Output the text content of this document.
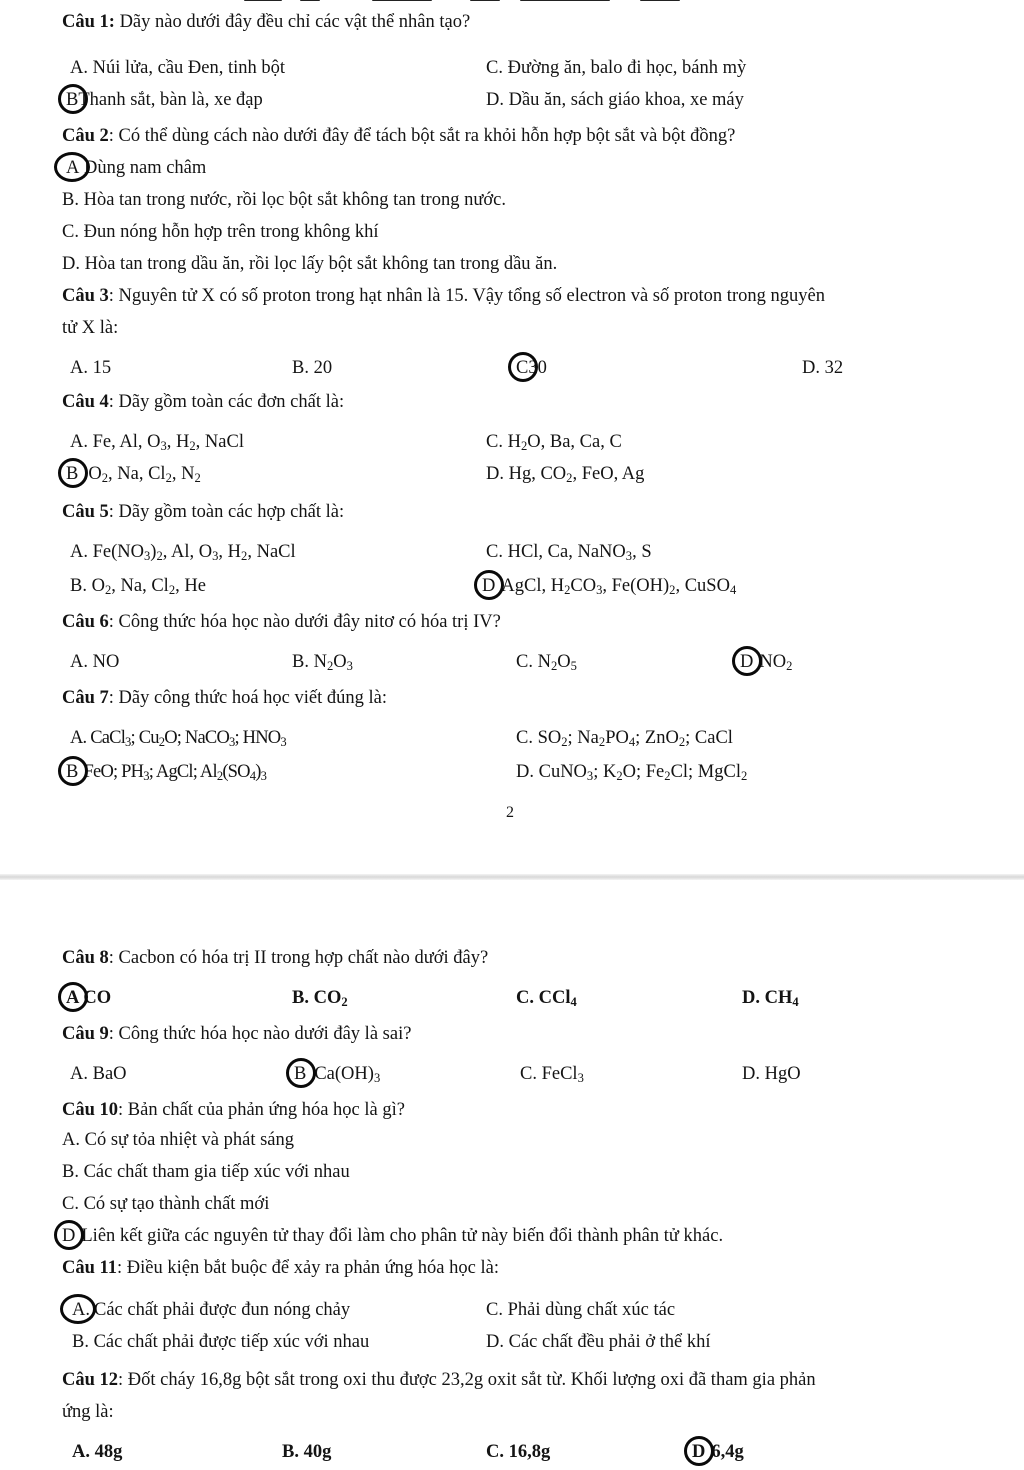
Câu 1: Dãy nào dưới đây đều chỉ các vật thể nhân tạo?
A. Núi lửa, cầu Đen, tinh bột	C. Đường ăn, balo đi học, bánh mỳ
BThanh sắt, bàn là, xe đạp	D. Dầu ăn, sách giáo khoa, xe máy
Câu 2: Có thể dùng cách nào dưới đây để tách bột sắt ra khỏi hỗn hợp bột sắt và bột đồng?
A Dùng nam châm
B. Hòa tan trong nước, rồi lọc bột sắt không tan trong nước.
C. Đun nóng hỗn hợp trên trong không khí
D. Hòa tan trong dầu ăn, rồi lọc lấy bột sắt không tan trong dầu ăn.
Câu 3: Nguyên tử X có số proton trong hạt nhân là 15. Vậy tổng số electron và số proton trong nguyên
tử X là:
A. 15	B. 20	C30	D. 32
Câu 4: Dãy gồm toàn các đơn chất là:
A. Fe, Al, $O_3$, $H_2$, NaCl	C. $H_2O$, Ba, Ca, C
B $O_2$, Na, $Cl_2$, $N_2$	D. Hg, $CO_2$, FeO, Ag
Câu 5: Dãy gồm toàn các hợp chất là:
A. $Fe(NO_3)_2$, Al, $O_3$, $H_2$, NaCl	C. HCl, Ca, NaNO$_3$, S
B. $O_2$, Na, $Cl_2$, He	D AgCl, $H_2CO_3$, $Fe(OH)_2$, CuSO$_4$
Câu 6: Công thức hóa học nào dưới đây nitơ có hóa trị IV?
A. NO	B. $N_2O_3$	C. $N_2O_5$	D $NO_2$
Câu 7: Dãy công thức hoá học viết đúng là:
A. CaCl$_3$; $Cu_2O$; NaCO$_3$; $HNO_3$	C. $SO_2$; $Na_2PO_4$; ZnO$_2$; CaCl
B FeO; $PH_3$; AgCl; $Al_2(SO_4)_3$	D. CuNO$_3$; $K_2O$; $Fe_2Cl$; MgCl$_2$
2
Câu 8: Cacbon có hóa trị II trong hợp chất nào dưới đây?
A CO	B. $CO_2$	C. CCl$_4$	D. $CH_4$
Câu 9: Công thức hóa học nào dưới đây là sai?
A. BaO	B $Ca(OH)_3$	C. FeCl$_3$	D. HgO
Câu 10: Bản chất của phản ứng hóa học là gì?
A. Có sự tỏa nhiệt và phát sáng
B. Các chất tham gia tiếp xúc với nhau
C. Có sự tạo thành chất mới
D Liên kết giữa các nguyên tử thay đổi làm cho phân tử này biến đổi thành phân tử khác.
Câu 11: Điều kiện bắt buộc để xảy ra phản ứng hóa học là:
A. Các chất phải được đun nóng chảy	C. Phải dùng chất xúc tác
B. Các chất phải được tiếp xúc với nhau	D. Các chất đều phải ở thể khí
Câu 12: Đốt cháy 16,8g bột sắt trong oxi thu được 23,2g oxit sắt từ. Khối lượng oxi đã tham gia phản
ứng là:
A. 48g	B. 40g	C. 16,8g	D 6,4g
